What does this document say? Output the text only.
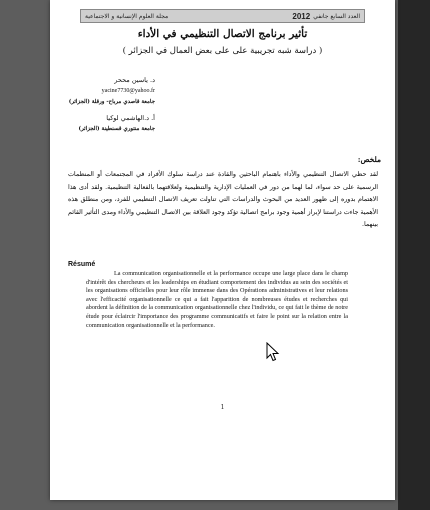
مجلة العلوم الإنسانية و الاجتماعية	العدد السابع جانفي
2012
تأثير برنامج الاتصال التنظيمي في الأداء
( دراسة شبه تجريبية على على بعض العمال في الجزائر )
د. ياسين مححر
yacine7730@yahoo.fr
جامعة قاصدي مرباح- ورقلة (الجزائر)
أ. د.الهاشمي لوكيا
جامعة منتوري قسنطينة (الجزائر)
ملخص:
لقد حظي الاتصال التنظيمي والأداء باهتمام الباحثين والقادة عند دراسة سلوك الأفراد في المجتمعات أو المنظمات الرسمية على حد سواء، لما لهما من دور في العمليات الإدارية والتنظيمية ولعلاقتهما بالفعالية التنظيمية. ولقد أدى هذا الاهتمام بدوره إلى ظهور العديد من البحوث والدراسات التي تناولت تعريف الاتصال التنظيمي للفرد، ومن منطلق هذه الأهمية جاءت دراستنا لإبراز أهمية وجود برامج اتصالية تؤكد وجود العلاقة بين الاتصال التنظيمي والأداء ومدى التأثير القائم بينهما.
Résumé
La communication organisationnelle et la performance occupe une large place dans le champ d'intérêt des chercheurs et les leaderships en étudiant comportement des individus au sein des sociétés et les organisations officielles pour leur rôle immense dans des Opérations administratives et leur relations avec l'efficacité organisationnelle ce qui a fait l'apparition de nombreuses études et recherches qui abordent la définition de la communication organisationnelle chez l'individu, ce qui fait le thème de notre étude pour éclaircir l'importance des programme communicatifs et faire le point sur la relation entre la communication organisationnelle et la performance.
1
